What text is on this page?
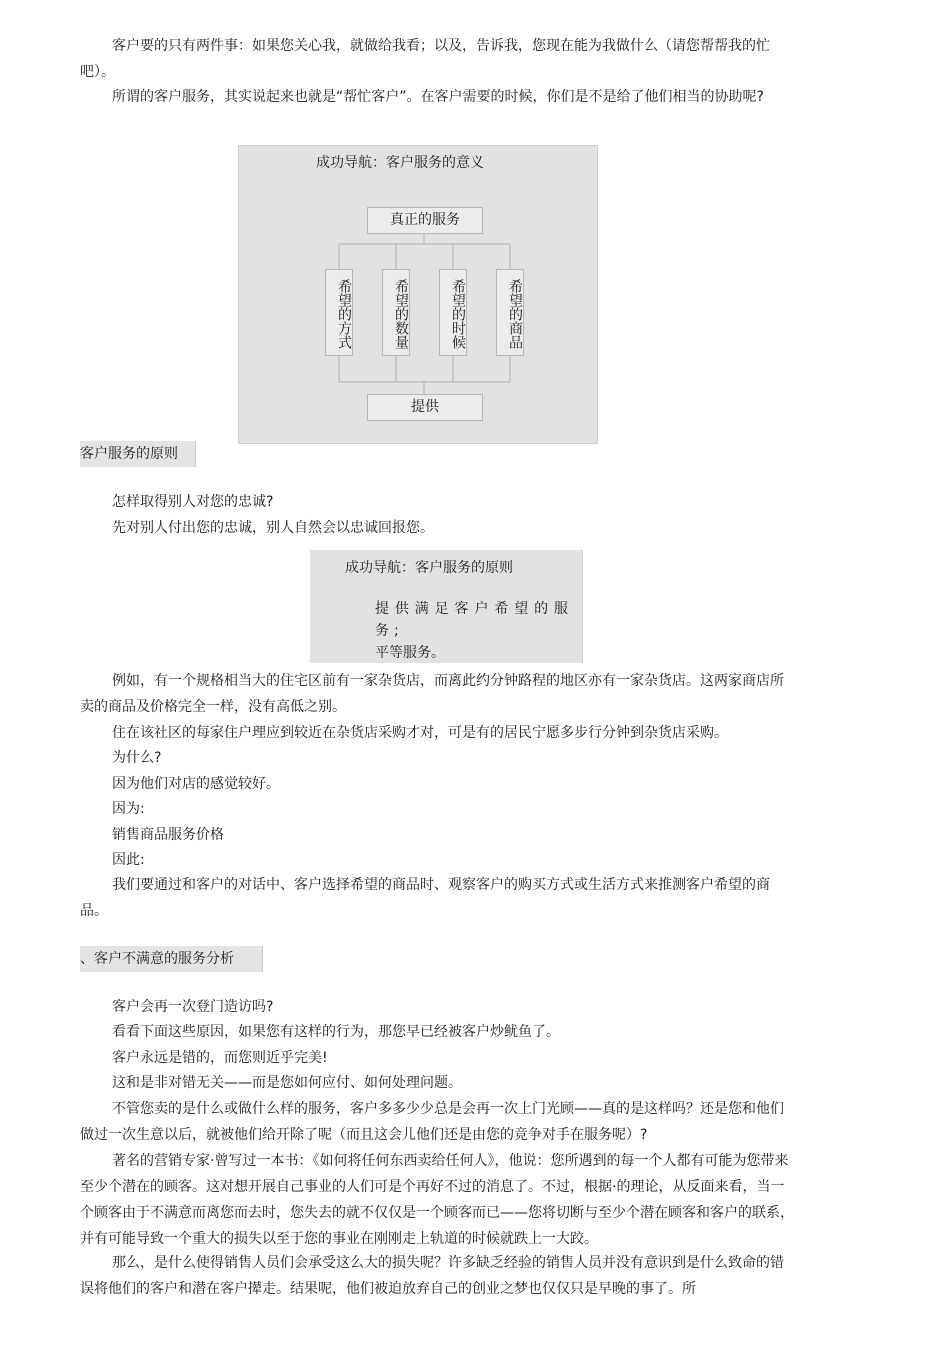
客户要的只有两件事：如果您关心我，就做给我看；以及，告诉我，您现在能为我做什么（请您帮帮我的忙吧）。

所谓的客户服务，其实说起来也就是“帮忙客户”。在客户需要的时候，你们是不是给了他们相当的协助呢?

成功导航：客户服务的意义
真正的服务
希望的方式	希望的数量	希望的时候	希望的商品
提供
客户服务的原则
怎样取得别人对您的忠诚?
先对别人付出您的忠诚，别人自然会以忠诚回报您。
成功导航：客户服务的原则
提供满足客户希望的服务;
平等服务。

例如，有一个规格相当大的住宅区前有一家杂货店，而离此约分钟路程的地区亦有一家杂货店。这两家商店所卖的商品及价格完全一样，没有高低之别。

住在该社区的每家住户理应到较近在杂货店采购才对，可是有的居民宁愿多步行分钟到杂货店采购。
为什么?
因为他们对店的感觉较好。
因为:
销售商品服务价格
因此:

我们要通过和客户的对话中、客户选择希望的商品时、观察客户的购买方式或生活方式来推测客户希望的商品。

、客户不满意的服务分析
客户会再一次登门造访吗?
看看下面这些原因，如果您有这样的行为，那您早已经被客户炒鱿鱼了。
客户永远是错的，而您则近乎完美!
这和是非对错无关——而是您如何应付、如何处理问题。

不管您卖的是什么或做什么样的服务，客户多多少少总是会再一次上门光顾——真的是这样吗？还是您和他们做过一次生意以后，就被他们给开除了呢（而且这会儿他们还是由您的竞争对手在服务呢）?

著名的营销专家·曾写过一本书：《如何将任何东西卖给任何人》，他说：您所遇到的每一个人都有可能为您带来至少个潜在的顾客。这对想开展自己事业的人们可是个再好不过的消息了。不过，根据·的理论，从反面来看，当一个顾客由于不满意而离您而去时，您失去的就不仅仅是一个顾客而已——您将切断与至少个潜在顾客和客户的联系，并有可能导致一个重大的损失以至于您的事业在刚刚走上轨道的时候就跌上一大跤。

那么，是什么使得销售人员们会承受这么大的损失呢？许多缺乏经验的销售人员并没有意识到是什么致命的错误将他们的客户和潜在客户撵走。结果呢，他们被迫放弃自己的创业之梦也仅仅只是早晚的事了。所
